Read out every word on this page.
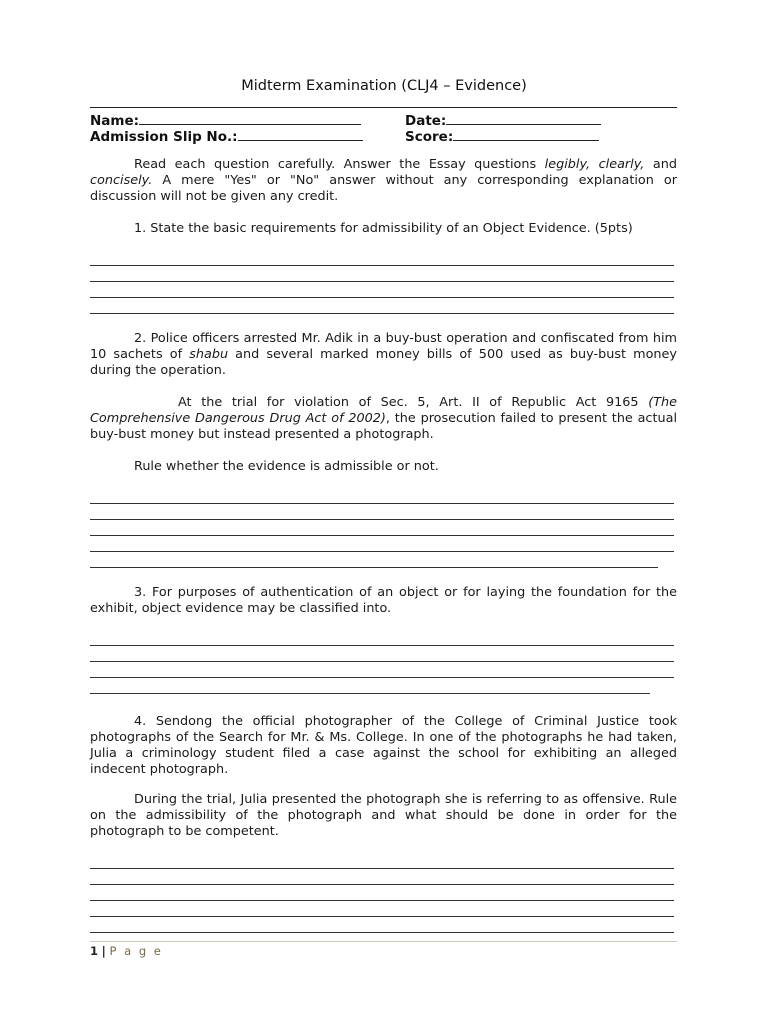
Midterm Examination (CLJ4 – Evidence)
Name:	Date:
Admission Slip No.:	Score:
Read each question carefully. Answer the Essay questions legibly, clearly, and concisely. A mere "Yes" or "No" answer without any corresponding explanation or discussion will not be given any credit.
1. State the basic requirements for admissibility of an Object Evidence. (5pts)
2. Police officers arrested Mr. Adik in a buy-bust operation and confiscated from him 10 sachets of shabu and several marked money bills of 500 used as buy-bust money during the operation.
At the trial for violation of Sec. 5, Art. II of Republic Act 9165 (The Comprehensive Dangerous Drug Act of 2002), the prosecution failed to present the actual buy-bust money but instead presented a photograph.
Rule whether the evidence is admissible or not.
3. For purposes of authentication of an object or for laying the foundation for the exhibit, object evidence may be classified into.
4. Sendong the official photographer of the College of Criminal Justice took photographs of the Search for Mr. & Ms. College. In one of the photographs he had taken, Julia a criminology student filed a case against the school for exhibiting an alleged indecent photograph.
During the trial, Julia presented the photograph she is referring to as offensive. Rule on the admissibility of the photograph and what should be done in order for the photograph to be competent.
1 | P a g e
